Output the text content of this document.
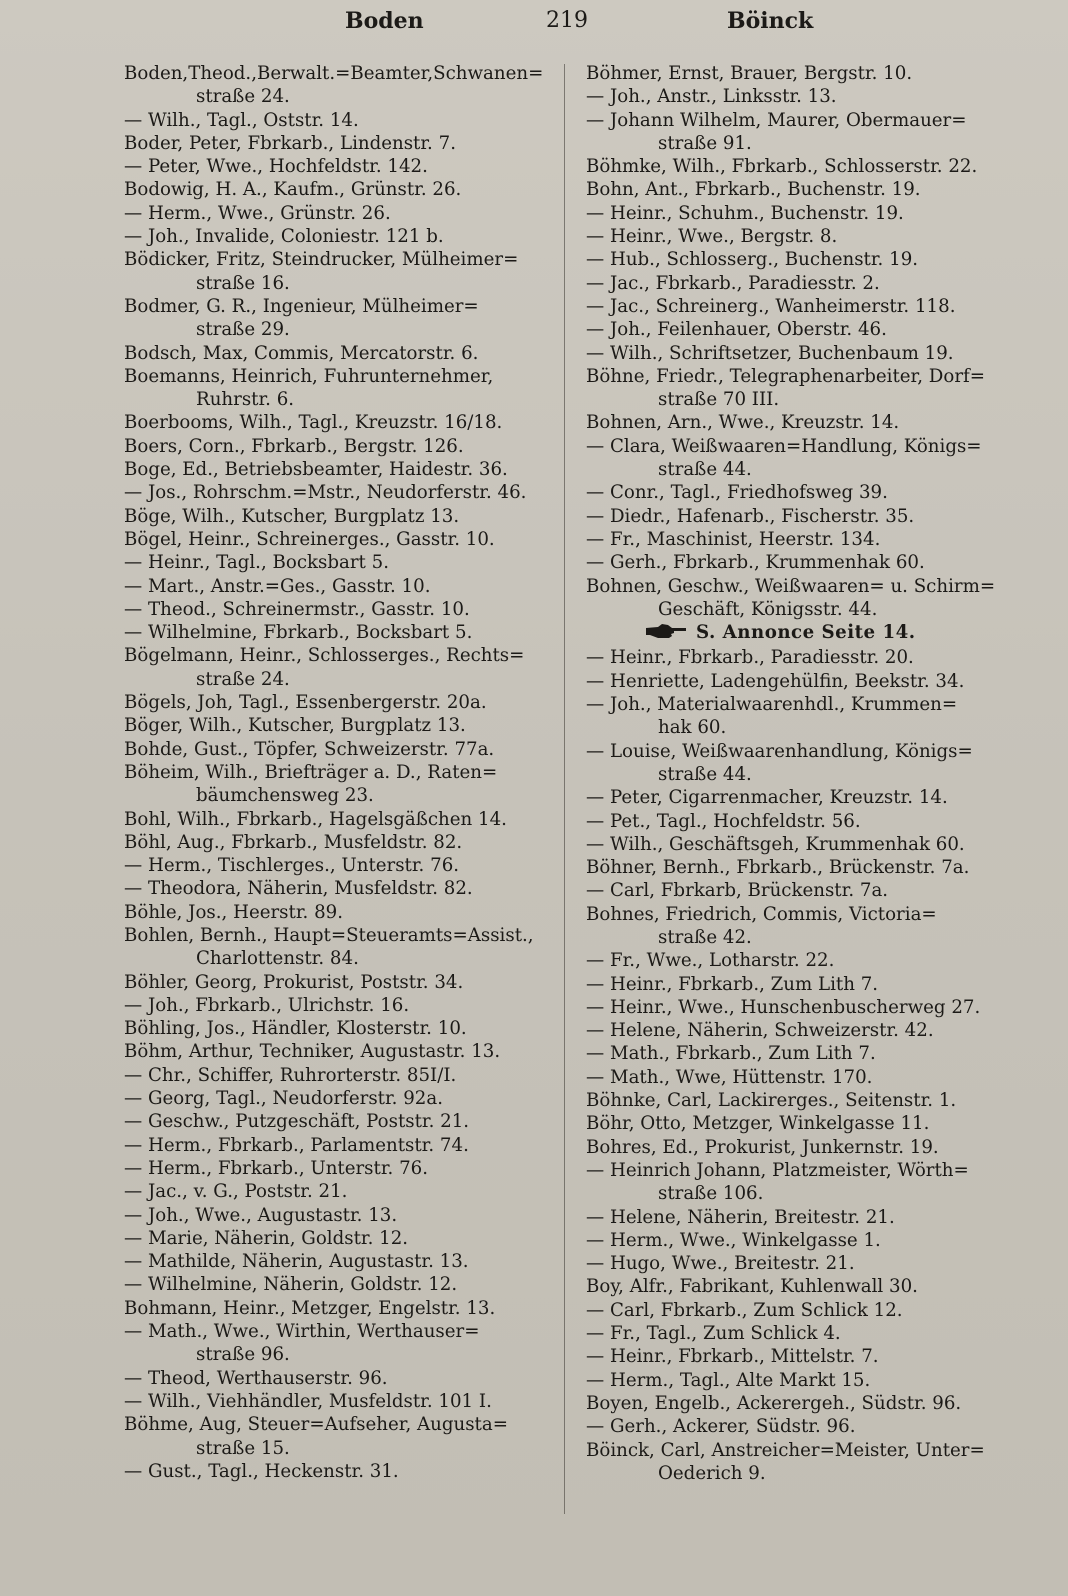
Boden	219	Böinck
Boden,Theod.,Berwalt.=Beamter,Schwanen=
straße 24.
— Wilh., Tagl., Oststr. 14.
Boder, Peter, Fbrkarb., Lindenstr. 7.
— Peter, Wwe., Hochfeldstr. 142.
Bodowig, H. A., Kaufm., Grünstr. 26.
— Herm., Wwe., Grünstr. 26.
— Joh., Invalide, Coloniestr. 121 b.
Bödicker, Fritz, Steindrucker, Mülheimer=
straße 16.
Bodmer, G. R., Ingenieur, Mülheimer=
straße 29.
Bodsch, Max, Commis, Mercatorstr. 6.
Boemanns, Heinrich, Fuhrunternehmer,
Ruhrstr. 6.
Boerbooms, Wilh., Tagl., Kreuzstr. 16/18.
Boers, Corn., Fbrkarb., Bergstr. 126.
Boge, Ed., Betriebsbeamter, Haidestr. 36.
— Jos., Rohrschm.=Mstr., Neudorferstr. 46.
Böge, Wilh., Kutscher, Burgplatz 13.
Bögel, Heinr., Schreinerges., Gasstr. 10.
— Heinr., Tagl., Bocksbart 5.
— Mart., Anstr.=Ges., Gasstr. 10.
— Theod., Schreinermstr., Gasstr. 10.
— Wilhelmine, Fbrkarb., Bocksbart 5.
Bögelmann, Heinr., Schlosserges., Rechts=
straße 24.
Bögels, Joh, Tagl., Essenbergerstr. 20a.
Böger, Wilh., Kutscher, Burgplatz 13.
Bohde, Gust., Töpfer, Schweizerstr. 77a.
Böheim, Wilh., Briefträger a. D., Raten=
bäumchensweg 23.
Bohl, Wilh., Fbrkarb., Hagelsgäßchen 14.
Böhl, Aug., Fbrkarb., Musfeldstr. 82.
— Herm., Tischlerges., Unterstr. 76.
— Theodora, Näherin, Musfeldstr. 82.
Böhle, Jos., Heerstr. 89.
Bohlen, Bernh., Haupt=Steueramts=Assist.,
Charlottenstr. 84.
Böhler, Georg, Prokurist, Poststr. 34.
— Joh., Fbrkarb., Ulrichstr. 16.
Böhling, Jos., Händler, Klosterstr. 10.
Böhm, Arthur, Techniker, Augustastr. 13.
— Chr., Schiffer, Ruhrorterstr. 85I/I.
— Georg, Tagl., Neudorferstr. 92a.
— Geschw., Putzgeschäft, Poststr. 21.
— Herm., Fbrkarb., Parlamentstr. 74.
— Herm., Fbrkarb., Unterstr. 76.
— Jac., v. G., Poststr. 21.
— Joh., Wwe., Augustastr. 13.
— Marie, Näherin, Goldstr. 12.
— Mathilde, Näherin, Augustastr. 13.
— Wilhelmine, Näherin, Goldstr. 12.
Bohmann, Heinr., Metzger, Engelstr. 13.
— Math., Wwe., Wirthin, Werthauser=
straße 96.
— Theod, Werthauserstr. 96.
— Wilh., Viehhändler, Musfeldstr. 101 I.
Böhme, Aug, Steuer=Aufseher, Augusta=
straße 15.
— Gust., Tagl., Heckenstr. 31.
Böhmer, Ernst, Brauer, Bergstr. 10.
— Joh., Anstr., Linksstr. 13.
— Johann Wilhelm, Maurer, Obermauer=
straße 91.
Böhmke, Wilh., Fbrkarb., Schlosserstr. 22.
Bohn, Ant., Fbrkarb., Buchenstr. 19.
— Heinr., Schuhm., Buchenstr. 19.
— Heinr., Wwe., Bergstr. 8.
— Hub., Schlosserg., Buchenstr. 19.
— Jac., Fbrkarb., Paradiesstr. 2.
— Jac., Schreinerg., Wanheimerstr. 118.
— Joh., Feilenhauer, Oberstr. 46.
— Wilh., Schriftsetzer, Buchenbaum 19.
Böhne, Friedr., Telegraphenarbeiter, Dorf=
straße 70 III.
Bohnen, Arn., Wwe., Kreuzstr. 14.
— Clara, Weißwaaren=Handlung, Königs=
straße 44.
— Conr., Tagl., Friedhofsweg 39.
— Diedr., Hafenarb., Fischerstr. 35.
— Fr., Maschinist, Heerstr. 134.
— Gerh., Fbrkarb., Krummenhak 60.
Bohnen, Geschw., Weißwaaren= u. Schirm=
Geschäft, Königsstr. 44.
S. Annonce Seite 14.
— Heinr., Fbrkarb., Paradiesstr. 20.
— Henriette, Ladengehülfin, Beekstr. 34.
— Joh., Materialwaarenhdl., Krummen=
hak 60.
— Louise, Weißwaarenhandlung, Königs=
straße 44.
— Peter, Cigarrenmacher, Kreuzstr. 14.
— Pet., Tagl., Hochfeldstr. 56.
— Wilh., Geschäftsgeh, Krummenhak 60.
Böhner, Bernh., Fbrkarb., Brückenstr. 7a.
— Carl, Fbrkarb, Brückenstr. 7a.
Bohnes, Friedrich, Commis, Victoria=
straße 42.
— Fr., Wwe., Lotharstr. 22.
— Heinr., Fbrkarb., Zum Lith 7.
— Heinr., Wwe., Hunschenbuscherweg 27.
— Helene, Näherin, Schweizerstr. 42.
— Math., Fbrkarb., Zum Lith 7.
— Math., Wwe, Hüttenstr. 170.
Böhnke, Carl, Lackirerges., Seitenstr. 1.
Böhr, Otto, Metzger, Winkelgasse 11.
Bohres, Ed., Prokurist, Junkernstr. 19.
— Heinrich Johann, Platzmeister, Wörth=
straße 106.
— Helene, Näherin, Breitestr. 21.
— Herm., Wwe., Winkelgasse 1.
— Hugo, Wwe., Breitestr. 21.
Boy, Alfr., Fabrikant, Kuhlenwall 30.
— Carl, Fbrkarb., Zum Schlick 12.
— Fr., Tagl., Zum Schlick 4.
— Heinr., Fbrkarb., Mittelstr. 7.
— Herm., Tagl., Alte Markt 15.
Boyen, Engelb., Ackerergeh., Südstr. 96.
— Gerh., Ackerer, Südstr. 96.
Böinck, Carl, Anstreicher=Meister, Unter=
Oederich 9.
